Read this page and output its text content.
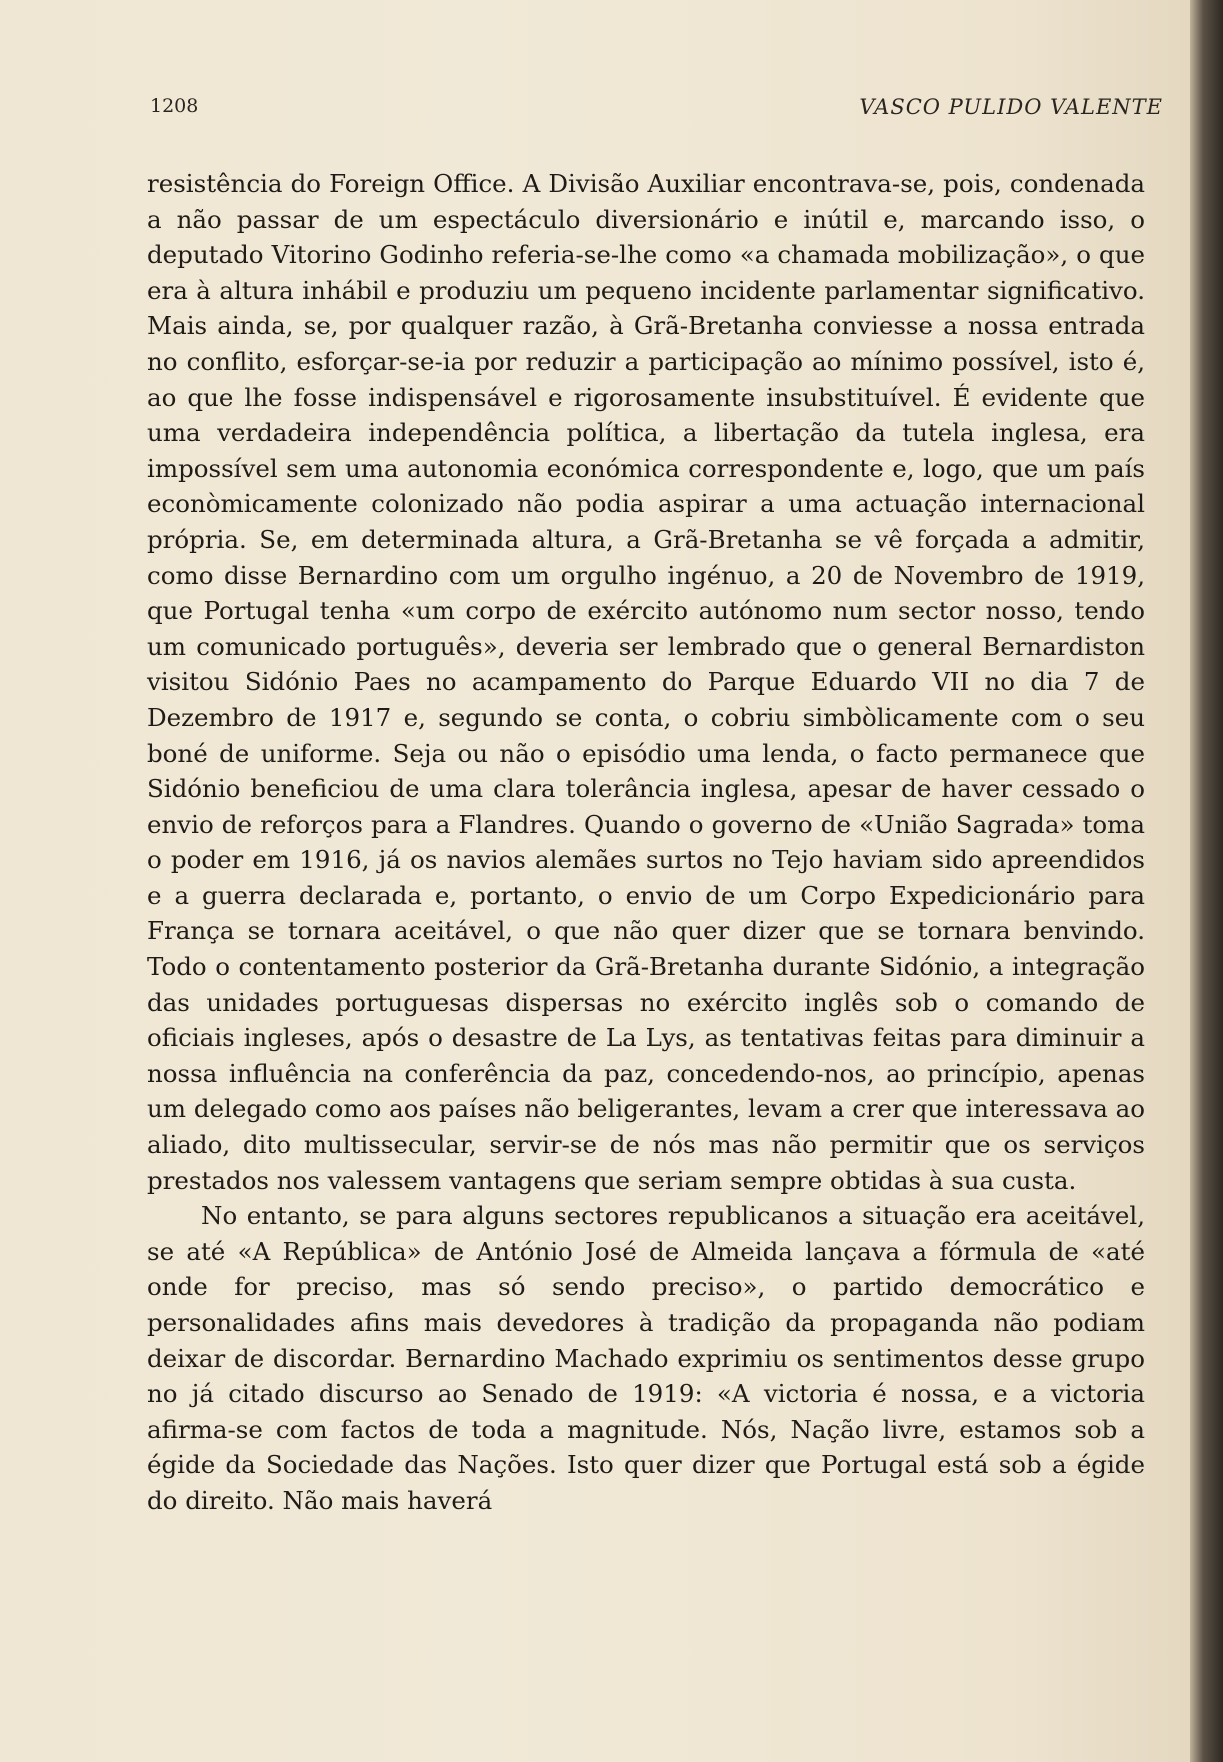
1208	VASCO PULIDO VALENTE

resistência do Foreign Office. A Divisão Auxiliar encontrava-se, pois, condenada a não passar de um espectáculo diversionário e inútil e, marcando isso, o deputado Vitorino Godinho referia-se-lhe como «a chamada mobilização», o que era à altura inhábil e produziu um pequeno incidente parlamentar significativo. Mais ainda, se, por qualquer razão, à Grã-Bretanha conviesse a nossa entrada no conflito, esforçar-se-ia por reduzir a participação ao mínimo possível, isto é, ao que lhe fosse indispensável e rigorosamente insubstituível. É evidente que uma verdadeira independência política, a libertação da tutela inglesa, era impossível sem uma autonomia económica correspondente e, logo, que um país econòmicamente colonizado não podia aspirar a uma actuação internacional própria. Se, em determinada altura, a Grã-Bretanha se vê forçada a admitir, como disse Bernardino com um orgulho ingénuo, a 20 de Novembro de 1919, que Portugal tenha «um corpo de exército autónomo num sector nosso, tendo um comunicado português», deveria ser lembrado que o general Bernardiston visitou Sidónio Paes no acampamento do Parque Eduardo VII no dia 7 de Dezembro de 1917 e, segundo se conta, o cobriu simbòlicamente com o seu boné de uniforme. Seja ou não o episódio uma lenda, o facto permanece que Sidónio beneficiou de uma clara tolerância inglesa, apesar de haver cessado o envio de reforços para a Flandres. Quando o governo de «União Sagrada» toma o poder em 1916, já os navios alemães surtos no Tejo haviam sido apreendidos e a guerra declarada e, portanto, o envio de um Corpo Expedicionário para França se tornara aceitável, o que não quer dizer que se tornara benvindo. Todo o contentamento posterior da Grã-Bretanha durante Sidónio, a integração das unidades portuguesas dispersas no exército inglês sob o comando de oficiais ingleses, após o desastre de La Lys, as tentativas feitas para diminuir a nossa influência na conferência da paz, concedendo-nos, ao princípio, apenas um delegado como aos países não beligerantes, levam a crer que interessava ao aliado, dito multissecular, servir-se de nós mas não permitir que os serviços prestados nos valessem vantagens que seriam sempre obtidas à sua custa.

No entanto, se para alguns sectores republicanos a situação era aceitável, se até «A República» de António José de Almeida lançava a fórmula de «até onde for preciso, mas só sendo preciso», o partido democrático e personalidades afins mais devedores à tradição da propaganda não podiam deixar de discordar. Bernardino Machado exprimiu os sentimentos desse grupo no já citado discurso ao Senado de 1919: «A victoria é nossa, e a victoria afirma-se com factos de toda a magnitude. Nós, Nação livre, estamos sob a égide da Sociedade das Nações. Isto quer dizer que Portugal está sob a égide do direito. Não mais haverá
